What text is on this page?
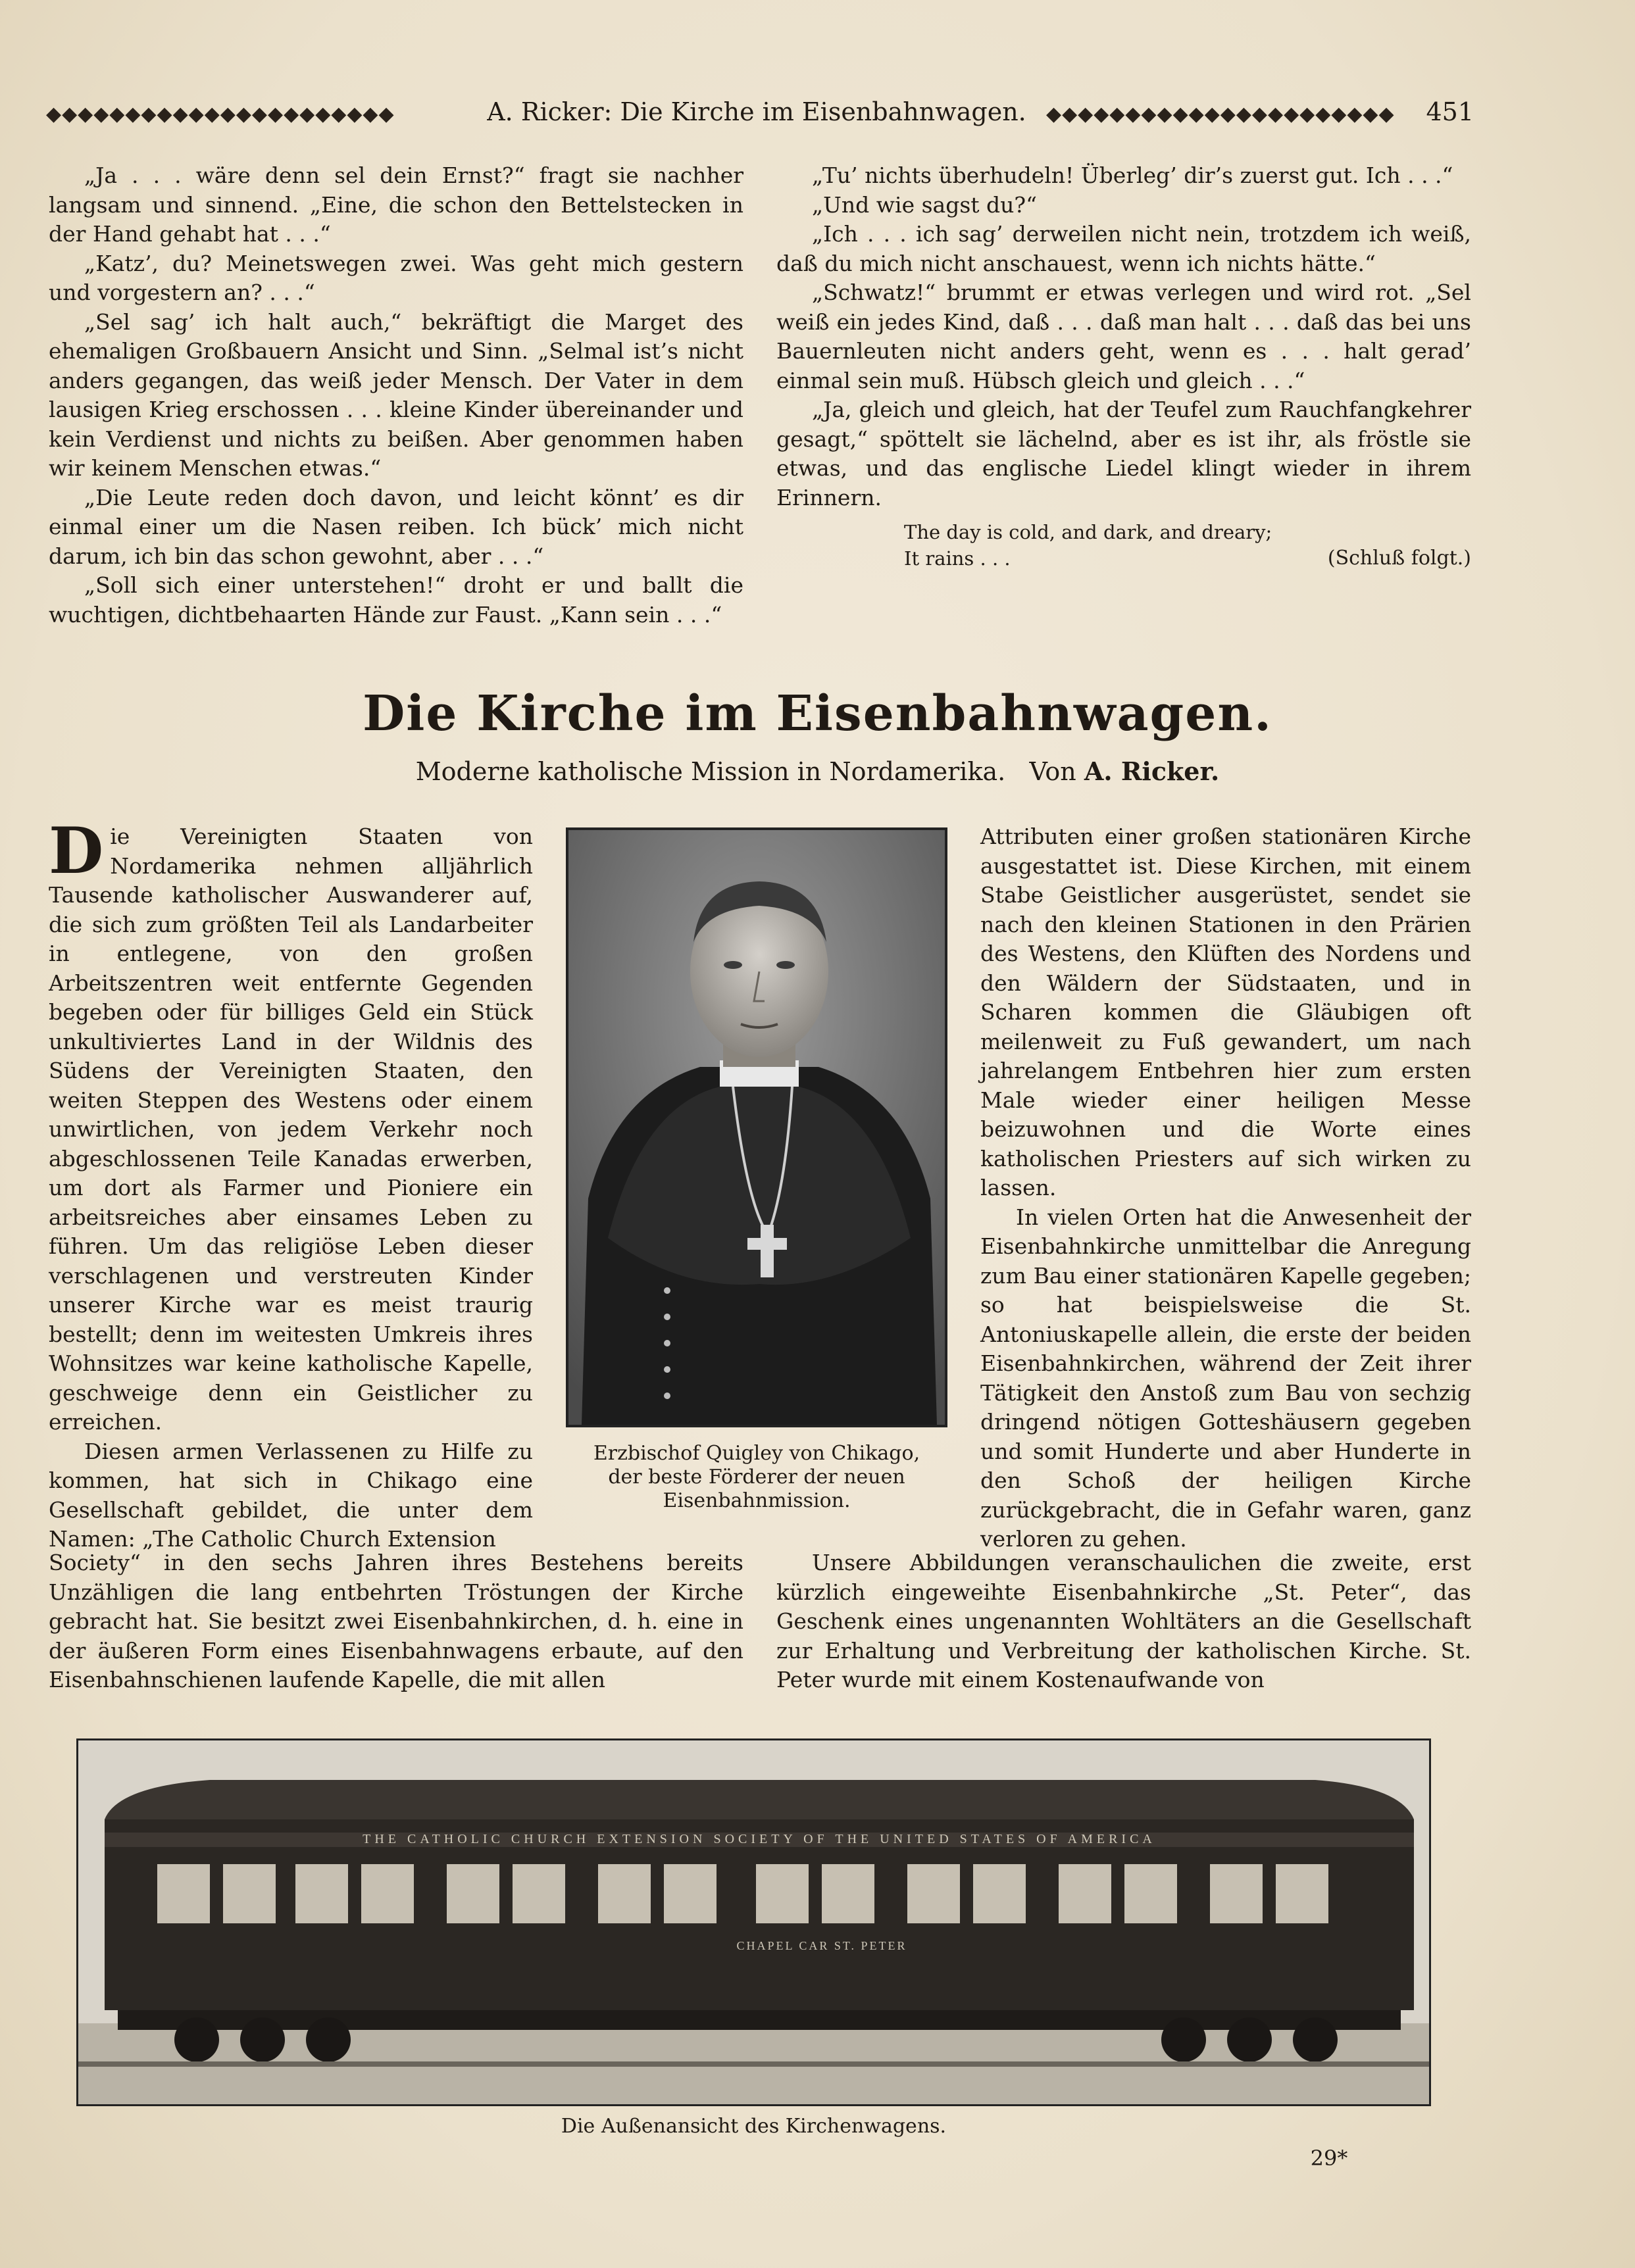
◆◆◆◆◆◆◆◆◆◆◆◆◆◆◆◆◆◆◆◆◆◆	A. Ricker: Die Kirche im Eisenbahnwagen. ◆◆◆◆◆◆◆◆◆◆◆◆◆◆◆◆◆◆◆◆◆◆	451

„Ja . . . wäre denn sel dein Ernst?“ fragt sie nachher langsam und sinnend. „Eine, die schon den Bettelstecken in der Hand gehabt hat . . .“

„Katz’, du? Meinetswegen zwei. Was geht mich gestern und vorgestern an? . . .“

„Sel sag’ ich halt auch,“ bekräftigt die Marget des ehemaligen Großbauern Ansicht und Sinn. „Selmal ist’s nicht anders gegangen, das weiß jeder Mensch. Der Vater in dem lausigen Krieg erschossen . . . kleine Kinder übereinander und kein Verdienst und nichts zu beißen. Aber genommen haben wir keinem Menschen etwas.“

„Die Leute reden doch davon, und leicht könnt’ es dir einmal einer um die Nasen reiben. Ich bück’ mich nicht darum, ich bin das schon gewohnt, aber . . .“

„Soll sich einer unterstehen!“ droht er und ballt die wuchtigen, dichtbehaarten Hände zur Faust. „Kann sein . . .“

„Tu’ nichts überhudeln! Überleg’ dir’s zuerst gut. Ich . . .“

„Und wie sagst du?“

„Ich . . . ich sag’ derweilen nicht nein, trotzdem ich weiß, daß du mich nicht anschauest, wenn ich nichts hätte.“

„Schwatz!“ brummt er etwas verlegen und wird rot. „Sel weiß ein jedes Kind, daß . . . daß man halt . . . daß das bei uns Bauernleuten nicht anders geht, wenn es . . . halt gerad’ einmal sein muß. Hübsch gleich und gleich . . .“

„Ja, gleich und gleich, hat der Teufel zum Rauchfangkehrer gesagt,“ spöttelt sie lächelnd, aber es ist ihr, als fröstle sie etwas, und das englische Liedel klingt wieder in ihrem Erinnern.

The day is cold, and dark, and dreary;
It rains . . .	(Schluß folgt.)
Die Kirche im Eisenbahnwagen.
Moderne katholische Mission in Nordamerika. Von A. Ricker.

Die Vereinigten Staaten von Nordamerika nehmen alljährlich Tausende katholischer Auswanderer auf, die sich zum größten Teil als Landarbeiter in entlegene, von den großen Arbeitszentren weit entfernte Gegenden begeben oder für billiges Geld ein Stück unkultiviertes Land in der Wildnis des Südens der Vereinigten Staaten, den weiten Steppen des Westens oder einem unwirtlichen, von jedem Verkehr noch abgeschlossenen Teile Kanadas erwerben, um dort als Farmer und Pioniere ein arbeitsreiches aber einsames Leben zu führen. Um das religiöse Leben dieser verschlagenen und verstreuten Kinder unserer Kirche war es meist traurig bestellt; denn im weitesten Umkreis ihres Wohnsitzes war keine katholische Kapelle, geschweige denn ein Geistlicher zu erreichen.

Diesen armen Verlassenen zu Hilfe zu kommen, hat sich in Chikago eine Gesellschaft gebildet, die unter dem Namen: „The Catholic Church Extension

Erzbischof Quigley von Chikago,
der beste Förderer der neuen
Eisenbahnmission.

Attributen einer großen stationären Kirche ausgestattet ist. Diese Kirchen, mit einem Stabe Geistlicher ausgerüstet, sendet sie nach den kleinen Stationen in den Prärien des Westens, den Klüften des Nordens und den Wäldern der Südstaaten, und in Scharen kommen die Gläubigen oft meilenweit zu Fuß gewandert, um nach jahrelangem Entbehren hier zum ersten Male wieder einer heiligen Messe beizuwohnen und die Worte eines katholischen Priesters auf sich wirken zu lassen.

In vielen Orten hat die Anwesenheit der Eisenbahnkirche unmittelbar die Anregung zum Bau einer stationären Kapelle gegeben; so hat beispielsweise die St. Antoniuskapelle allein, die erste der beiden Eisenbahnkirchen, während der Zeit ihrer Tätigkeit den Anstoß zum Bau von sechzig dringend nötigen Gotteshäusern gegeben und somit Hunderte und aber Hunderte in den Schoß der heiligen Kirche zurückgebracht, die in Gefahr waren, ganz verloren zu gehen.

Society“ in den sechs Jahren ihres Bestehens bereits Unzähligen die lang entbehrten Tröstungen der Kirche gebracht hat. Sie besitzt zwei Eisenbahnkirchen, d. h. eine in der äußeren Form eines Eisenbahnwagens erbaute, auf den Eisenbahnschienen laufende Kapelle, die mit allen

Unsere Abbildungen veranschaulichen die zweite, erst kürzlich eingeweihte Eisenbahnkirche „St. Peter“, das Geschenk eines ungenannten Wohltäters an die Gesellschaft zur Erhaltung und Verbreitung der katholischen Kirche. St. Peter wurde mit einem Kostenaufwande von

THE CATHOLIC CHURCH EXTENSION SOCIETY OF THE UNITED STATES OF AMERICA
CHAPEL CAR ST. PETER
Die Außenansicht des Kirchenwagens.
29*
